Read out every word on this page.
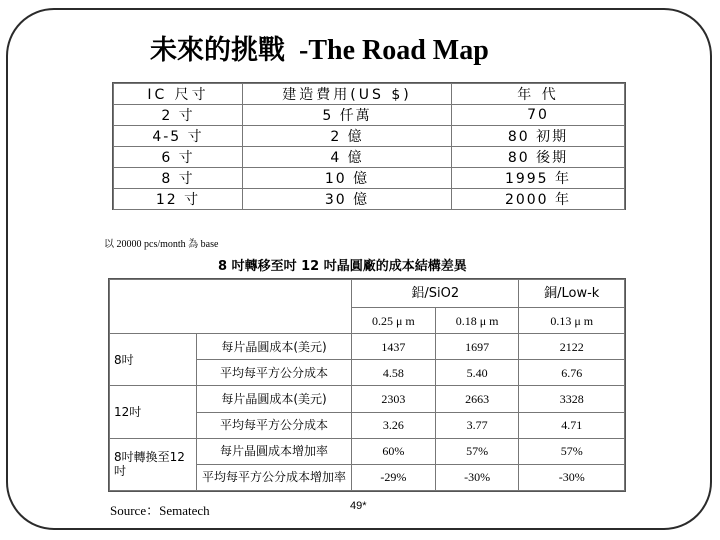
未來的挑戰 -The Road Map
IC 尺寸	建造費用(US $)	年 代
2 寸	5 仟萬	70
4-5 寸	2 億	80 初期
6 寸	4 億	80 後期
8 寸	10 億	1995 年
12 寸	30 億	2000 年
以 20000 pcs/month 為 base
8 吋轉移至吋 12 吋晶圓廠的成本結構差異
		鋁/SiO2		銅/Low-k
		0.25 μ m	0.18 μ m	0.13 μ m
8吋	每片晶圓成本(美元)	1437	1697	2122
	平均每平方公分成本	4.58	5.40	6.76
12吋	每片晶圓成本(美元)	2303	2663	3328
	平均每平方公分成本	3.26	3.77	4.71
8吋轉換至12吋	每片晶圓成本增加率	60%	57%	57%
	平均每平方公分成本增加率	-29%	-30%	-30%
Source：Sematech	49*
